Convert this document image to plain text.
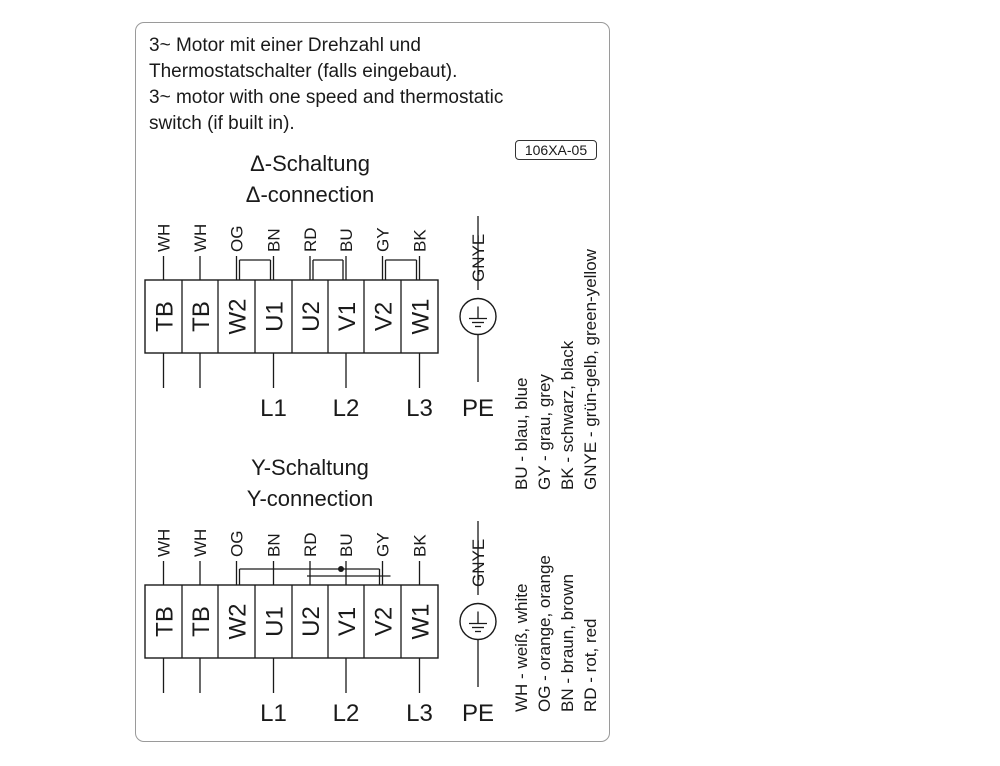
3~ Motor mit einer Drehzahl und
Thermostatschalter (falls eingebaut).
3~ motor with one speed and thermostatic
switch (if built in).
106XA-05
Δ-Schaltung
Δ-connection
WH WH OG BN RD BU GY BK
TB TB W2 U1 U2 V1 V2 W1
L1 L2 L3
GNYE
PE
Y-Schaltung
Y-connection
WH WH OG BN RD BU GY BK
TB TB W2 U1 U2 V1 V2 W1
L1 L2 L3
GNYE
PE
BU - blau, blue GY - grau, grey BK - schwarz, black GNYE - grün-gelb, green-yellow
WH - weiß, white OG - orange, orange BN - braun, brown RD - rot, red
